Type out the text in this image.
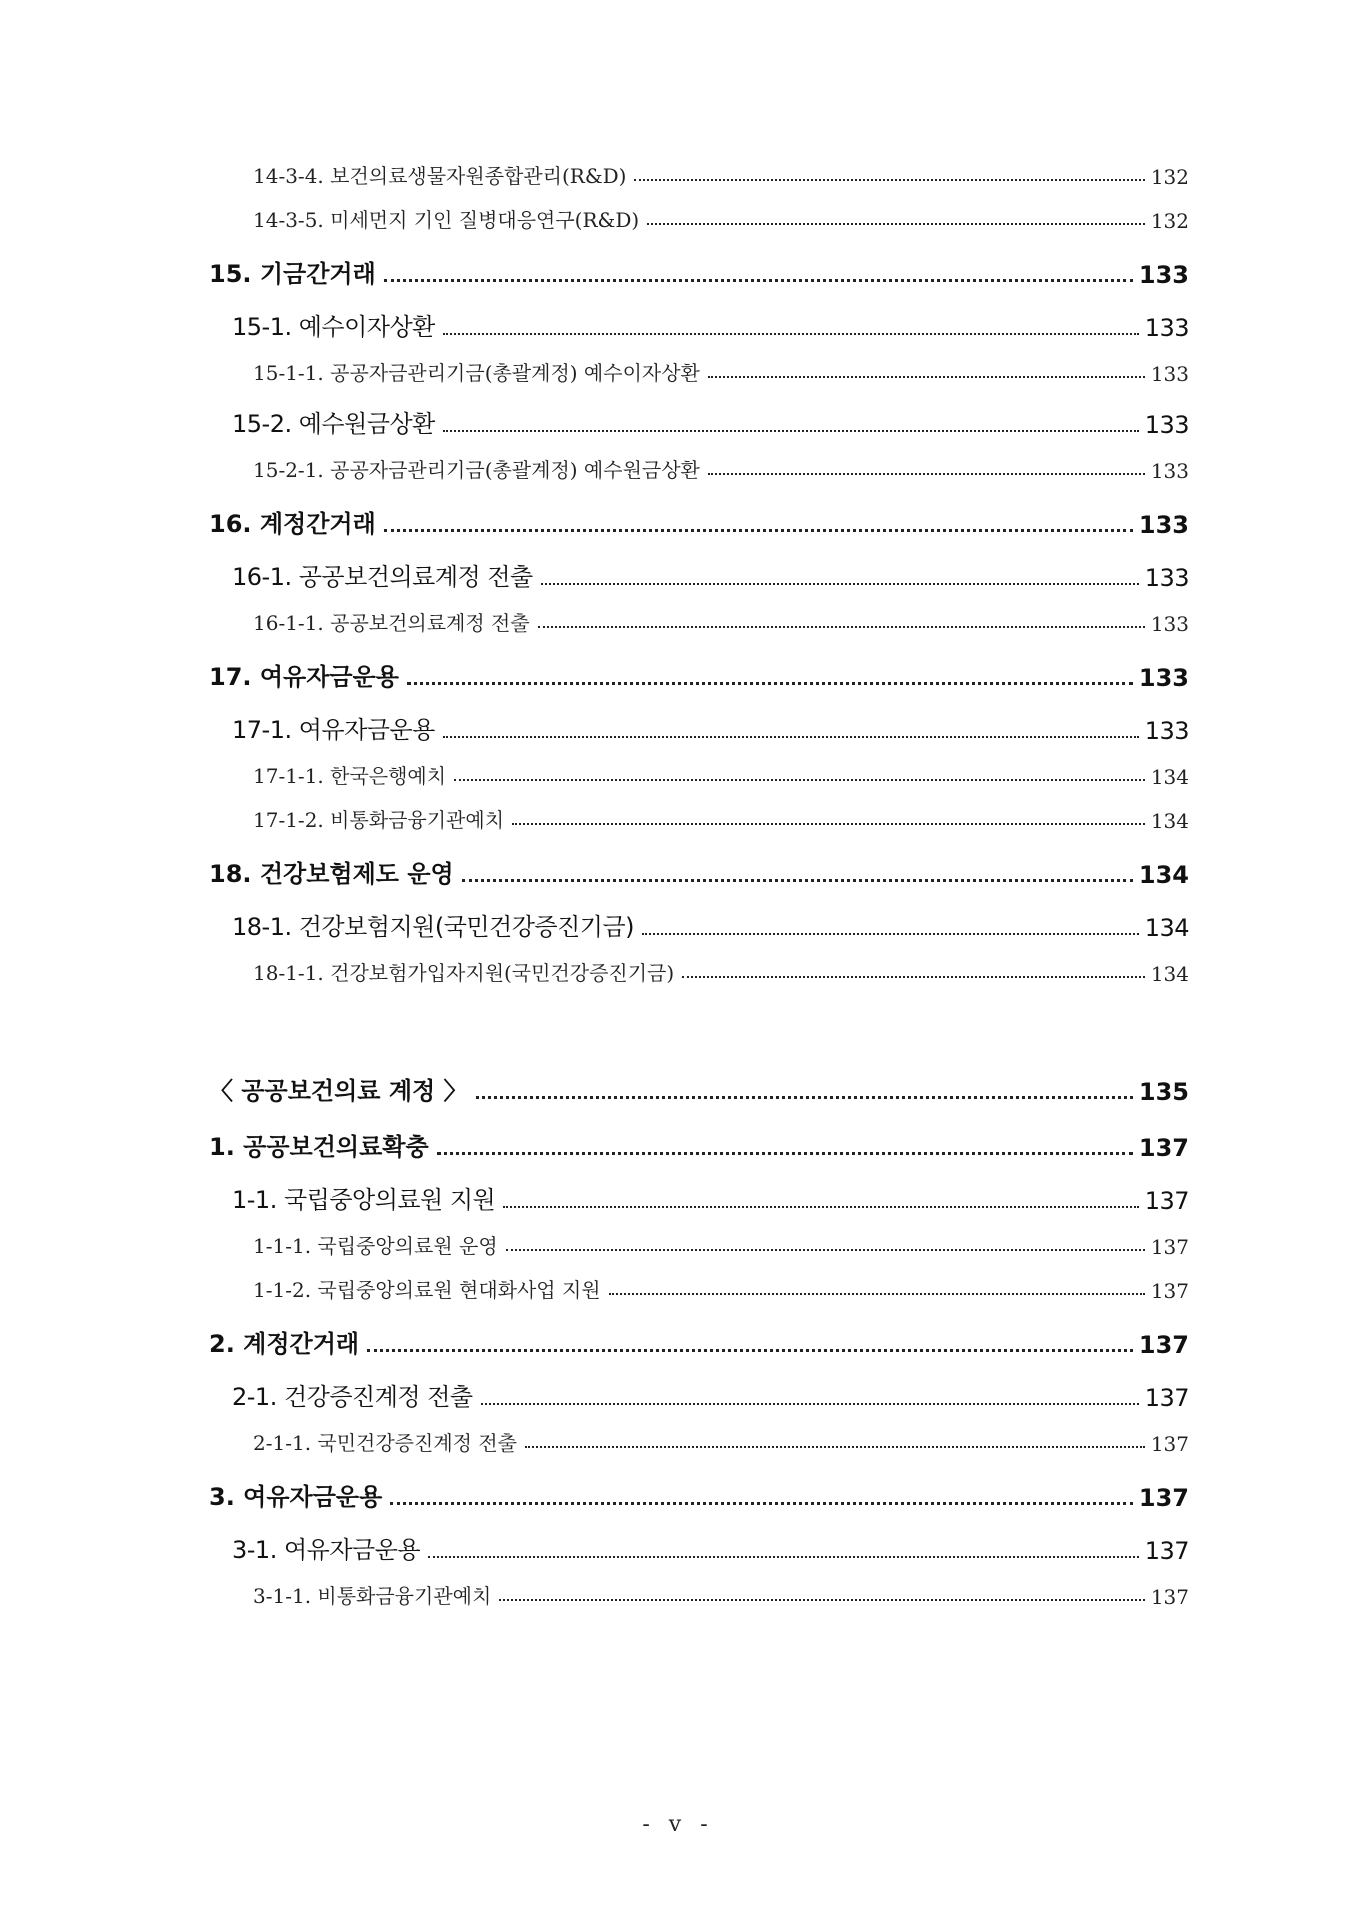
14-3-4. 보건의료생물자원종합관리(R&D)	132
14-3-5. 미세먼지 기인 질병대응연구(R&D)	132
15. 기금간거래	133
15-1. 예수이자상환	133
15-1-1. 공공자금관리기금(총괄계정) 예수이자상환	133
15-2. 예수원금상환	133
15-2-1. 공공자금관리기금(총괄계정) 예수원금상환	133
16. 계정간거래	133
16-1. 공공보건의료계정 전출	133
16-1-1. 공공보건의료계정 전출	133
17. 여유자금운용	133
17-1. 여유자금운용	133
17-1-1. 한국은행예치	134
17-1-2. 비통화금융기관예치	134
18. 건강보험제도 운영	134
18-1. 건강보험지원(국민건강증진기금)	134
18-1-1. 건강보험가입자지원(국민건강증진기금)	134
〈 공공보건의료 계정 〉	135
1. 공공보건의료확충	137
1-1. 국립중앙의료원 지원	137
1-1-1. 국립중앙의료원 운영	137
1-1-2. 국립중앙의료원 현대화사업 지원	137
2. 계정간거래	137
2-1. 건강증진계정 전출	137
2-1-1. 국민건강증진계정 전출	137
3. 여유자금운용	137
3-1. 여유자금운용	137
3-1-1. 비통화금융기관예치	137
- v -
